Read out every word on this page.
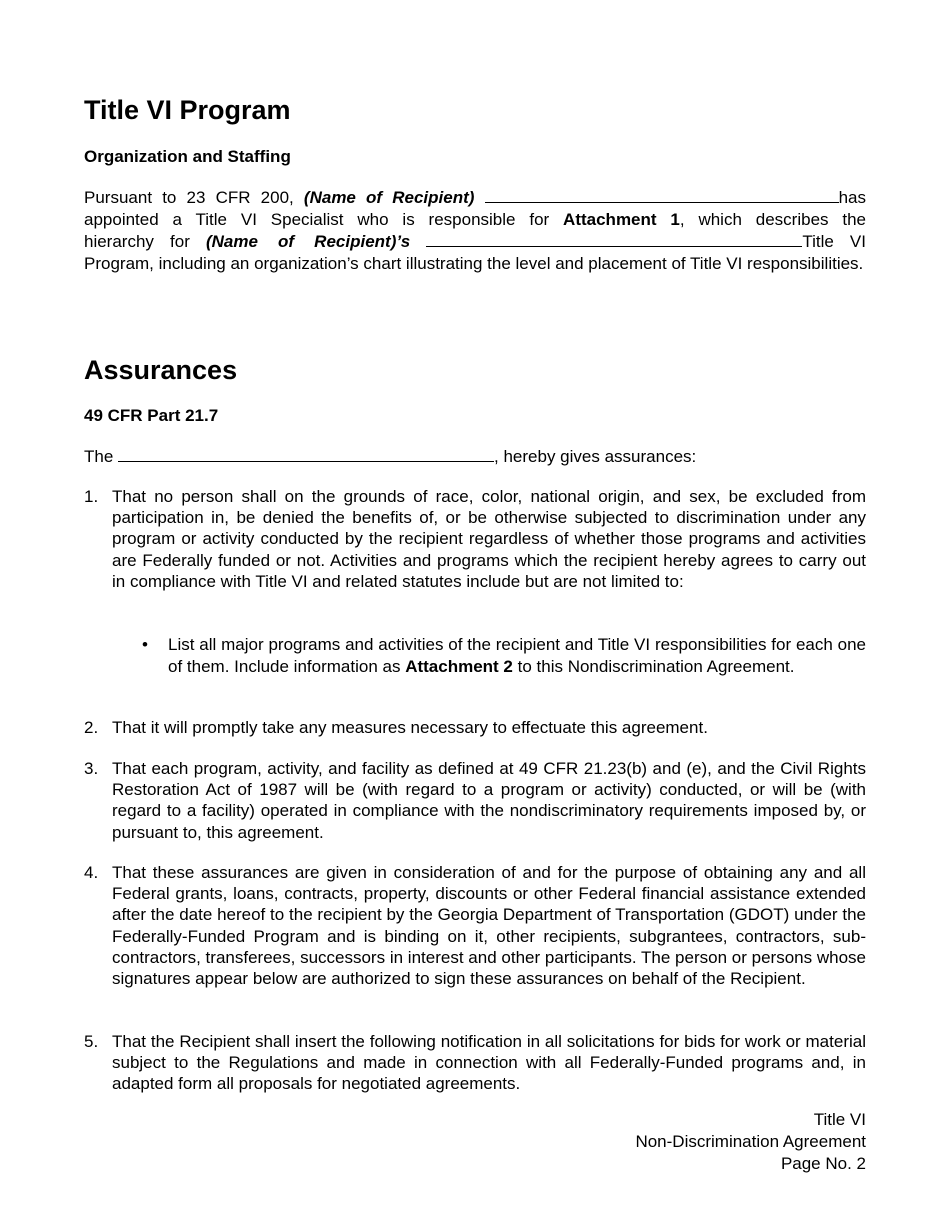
Title VI Program
Organization and Staffing
Pursuant to 23 CFR 200, (Name of Recipient)	has
appointed a Title VI Specialist who is responsible for Attachment 1, which describes the
hierarchy for (Name of Recipient)’s	Title VI
Program, including an organization’s chart illustrating the level and placement of Title VI responsibilities.
Assurances
49 CFR Part 21.7
The	, hereby gives assurances:
1. That no person shall on the grounds of race, color, national origin, and sex, be excluded from participation in, be denied the benefits of, or be otherwise subjected to discrimination under any program or activity conducted by the recipient regardless of whether those programs and activities are Federally funded or not. Activities and programs which the recipient hereby agrees to carry out in compliance with Title VI and related statutes include but are not limited to:
• List all major programs and activities of the recipient and Title VI responsibilities for each one of them. Include information as Attachment 2 to this Nondiscrimination Agreement.
2. That it will promptly take any measures necessary to effectuate this agreement.
3. That each program, activity, and facility as defined at 49 CFR 21.23(b) and (e), and the Civil Rights Restoration Act of 1987 will be (with regard to a program or activity) conducted, or will be (with regard to a facility) operated in compliance with the nondiscriminatory requirements imposed by, or pursuant to, this agreement.
4. That these assurances are given in consideration of and for the purpose of obtaining any and all Federal grants, loans, contracts, property, discounts or other Federal financial assistance extended after the date hereof to the recipient by the Georgia Department of Transportation (GDOT) under the Federally-Funded Program and is binding on it, other recipients, subgrantees, contractors, sub-contractors, transferees, successors in interest and other participants. The person or persons whose signatures appear below are authorized to sign these assurances on behalf of the Recipient.
5. That the Recipient shall insert the following notification in all solicitations for bids for work or material subject to the Regulations and made in connection with all Federally-Funded programs and, in adapted form all proposals for negotiated agreements.
Title VI
Non-Discrimination Agreement
Page No. 2
